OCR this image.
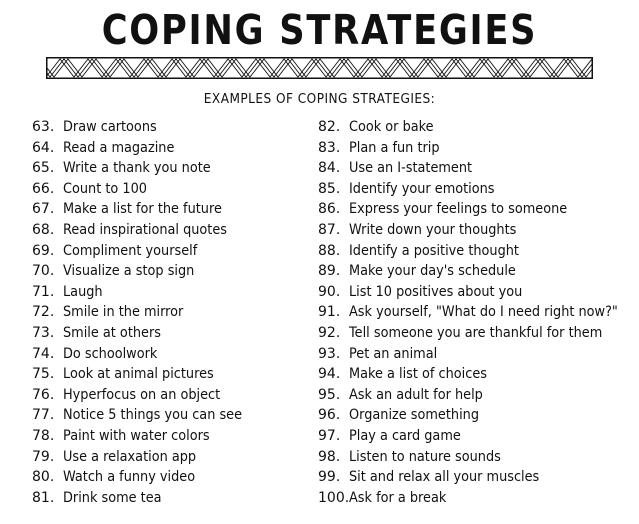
COPING STRATEGIES
EXAMPLES OF COPING STRATEGIES:
63. Draw cartoons
64. Read a magazine
65. Write a thank you note
66. Count to 100
67. Make a list for the future
68. Read inspirational quotes
69. Compliment yourself
70. Visualize a stop sign
71. Laugh
72. Smile in the mirror
73. Smile at others
74. Do schoolwork
75. Look at animal pictures
76. Hyperfocus on an object
77. Notice 5 things you can see
78. Paint with water colors
79. Use a relaxation app
80. Watch a funny video
81. Drink some tea
82. Cook or bake
83. Plan a fun trip
84. Use an I-statement
85. Identify your emotions
86. Express your feelings to someone
87. Write down your thoughts
88. Identify a positive thought
89. Make your day's schedule
90. List 10 positives about you
91. Ask yourself, "What do I need right now?"
92. Tell someone you are thankful for them
93. Pet an animal
94. Make a list of choices
95. Ask an adult for help
96. Organize something
97. Play a card game
98. Listen to nature sounds
99. Sit and relax all your muscles
100.Ask for a break
